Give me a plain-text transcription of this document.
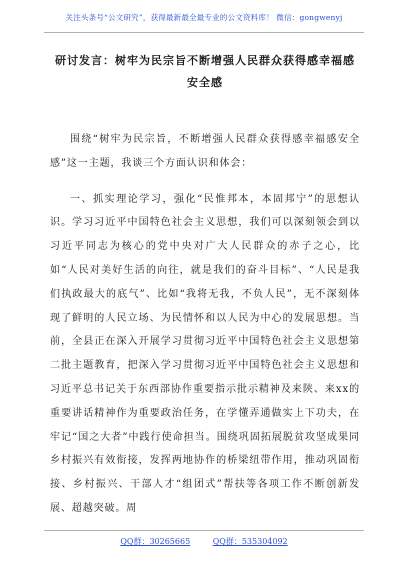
关注头条号“公文研究”，获得最新最全最专业的公文资料库！ 微信：gongwenyj
研讨发言：树牢为民宗旨不断增强人民群众获得感幸福感
安全感

围绕“树牢为民宗旨，不断增强人民群众获得感幸福感安全感”这一主题，我谈三个方面认识和体会：

一、抓实理论学习，强化“民惟邦本，本固邦宁”的思想认识。学习习近平中国特色社会主义思想，我们可以深刻领会到以习近平同志为核心的党中央对广大人民群众的赤子之心，比如“人民对美好生活的向往，就是我们的奋斗目标”、“人民是我们执政最大的底气”、比如“我将无我，不负人民”，无不深刻体现了鲜明的人民立场、为民情怀和以人民为中心的发展思想。当前，全县正在深入开展学习贯彻习近平中国特色社会主义思想第二批主题教育，把深入学习贯彻习近平中国特色社会主义思想和习近平总书记关于东西部协作重要指示批示精神及来陕、来xx的重要讲话精神作为重要政治任务，在学懂弄通做实上下功夫，在牢记“国之大者”中践行使命担当。围绕巩固拓展脱贫攻坚成果同乡村振兴有效衔接，发挥两地协作的桥梁纽带作用，推动巩固衔接、乡村振兴、干部人才“组团式”帮扶等各项工作不断创新发展、超越突破。周

QQ群：30265665	QQ群：535304092
